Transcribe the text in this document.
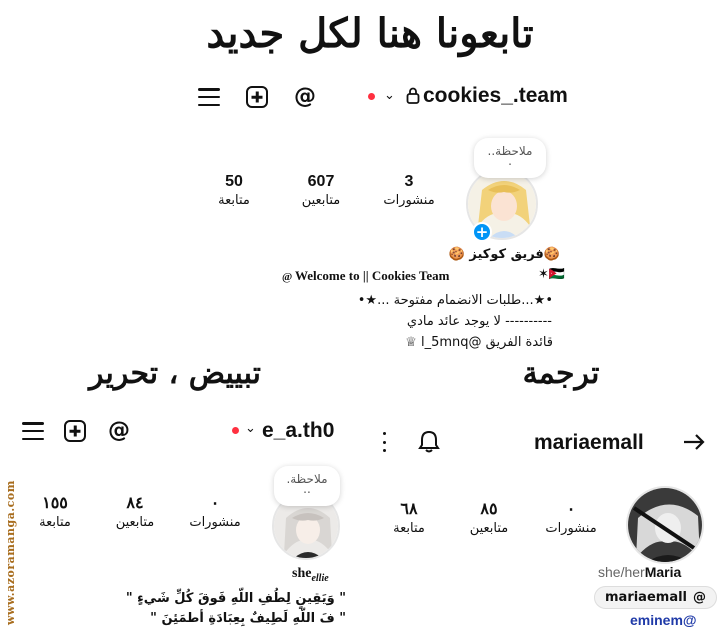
www.azoramanga.com
تابعونا هنا لكل جديد
@	⌄ cookies_.team
3
منشورات
607
متابعين
50
متابعة
ملاحظة..
.
+
🍪فريق كوكيز 🍪
🇯🇴✶
@ Welcome to || Cookies Team
•★...طلبات الانضمام مفتوحة ...★•
---------- لا يوجد عائد مادي
قائدة الفريق @l_5mnq ♕
تبييض ، تحرير	ترجمة
@	⌄ e_a.th0
٠
منشورات
٨٤
متابعين
١٥٥
متابعة
ملاحظة.
..
she$_{ellie}$
" وَيَقِينٍ لِطُفِ اللّهِ فَوقَ كُلِّ شَيءٍ "
" فَ اللّهِ لَطِيفٌ بِعِبَادَةِ أطمَئِنَ "
mariaemall
٠
منشورات
٨٥
متابعين
٦٨
متابعة
she/herMaria
mariaemall @
@eminem
